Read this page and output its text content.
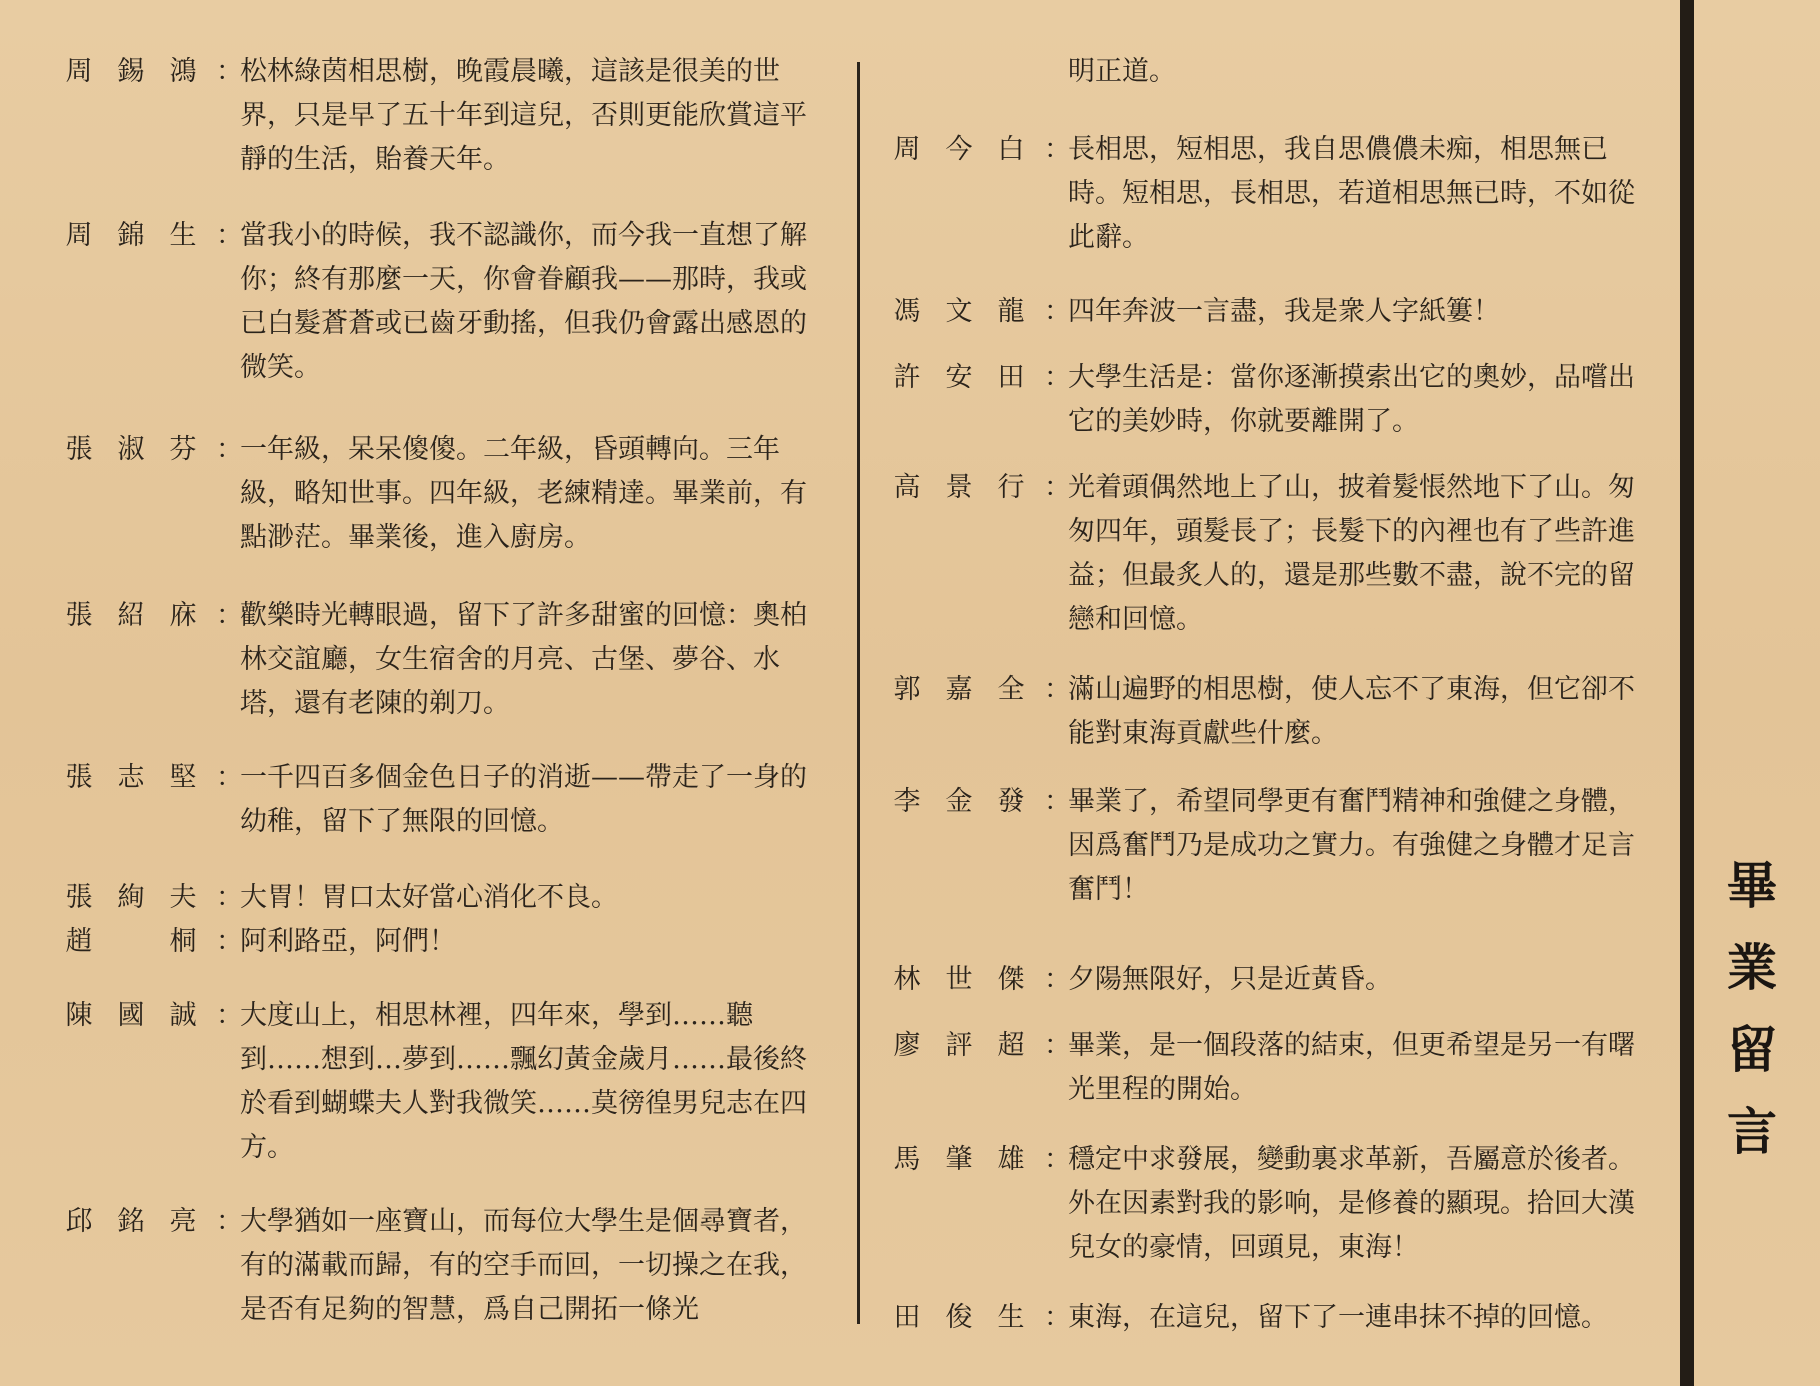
周 錫 鴻 ：
松林綠茵相思樹，晚霞晨曦，這該是很美的世界，只是早了五十年到這兒，否則更能欣賞這平靜的生活，貽養天年。
周 錦 生 ：
當我小的時候，我不認識你，而今我一直想了解你；終有那麼一天，你會眷顧我——那時，我或已白髮蒼蒼或已齒牙動搖，但我仍會露出感恩的微笑。
張 淑 芬 ：
一年級，呆呆傻傻。二年級，昏頭轉向。三年級，略知世事。四年級，老練精達。畢業前，有點渺茫。畢業後，進入廚房。
張 紹 庥 ：
歡樂時光轉眼過，留下了許多甜蜜的回憶：奧柏林交誼廳，女生宿舍的月亮、古堡、夢谷、水塔，還有老陳的剃刀。
張 志 堅 ：
一千四百多個金色日子的消逝——帶走了一身的幼稚，留下了無限的回憶。
張 絢 夫 ：
大胃！胃口太好當心消化不良。
趙	桐 ：
阿利路亞，阿們！
陳 國 誠 ：
大度山上，相思林裡，四年來，學到……聽到……想到…夢到……飄幻黃金歲月……最後終於看到蝴蝶夫人對我微笑……莫徬徨男兒志在四方。
邱 銘 亮 ：
大學猶如一座寶山，而每位大學生是個尋寶者，有的滿載而歸，有的空手而回，一切操之在我，是否有足夠的智慧，爲自己開拓一條光
明正道。
周 今 白 ：
長相思，短相思，我自思儂儂未痴，相思無已時。短相思，長相思，若道相思無已時，不如從此辭。
馮 文 龍 ：
四年奔波一言盡，我是衆人字紙簍！
許 安 田 ：
大學生活是：當你逐漸摸索出它的奧妙，品嚐出它的美妙時，你就要離開了。
高 景 行 ：
光着頭偶然地上了山，披着髮悵然地下了山。匆匆四年，頭髮長了；長髮下的內裡也有了些許進益；但最炙人的，還是那些數不盡，說不完的留戀和回憶。
郭 嘉 全 ：
滿山遍野的相思樹，使人忘不了東海，但它卻不能對東海貢獻些什麼。
李 金 發 ：
畢業了，希望同學更有奮鬥精神和強健之身體，因爲奮鬥乃是成功之實力。有強健之身體才足言奮鬥！
林 世 傑 ：
夕陽無限好，只是近黃昏。
廖 評 超 ：
畢業，是一個段落的結束，但更希望是另一有曙光里程的開始。
馬 肇 雄 ：
穩定中求發展，變動裏求革新，吾屬意於後者。外在因素對我的影响，是修養的顯現。拾回大漢兒女的豪情，回頭見，東海！
田 俊 生 ：
東海，在這兒，留下了一連串抹不掉的回憶。
畢業留言
